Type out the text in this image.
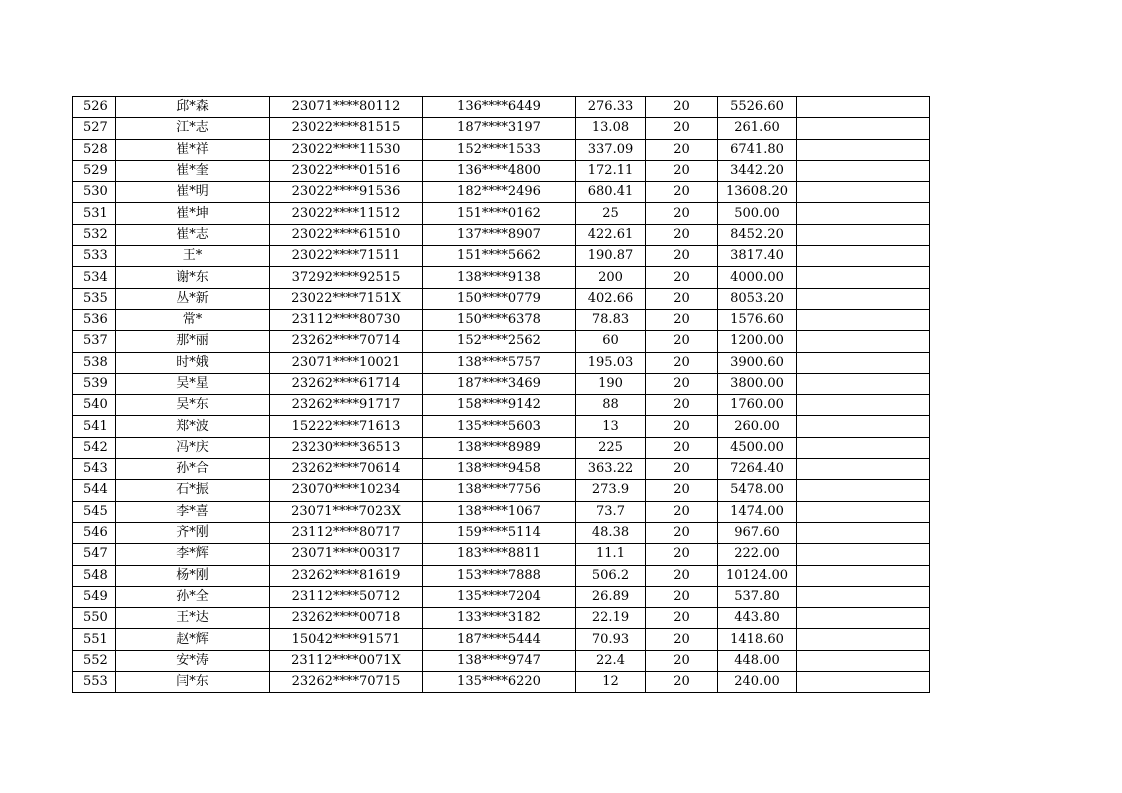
526	邱*森	23071****80112	136****6449	276.33	20	5526.60	
527	江*志	23022****81515	187****3197	13.08	20	261.60	
528	崔*祥	23022****11530	152****1533	337.09	20	6741.80	
529	崔*奎	23022****01516	136****4800	172.11	20	3442.20	
530	崔*明	23022****91536	182****2496	680.41	20	13608.20	
531	崔*坤	23022****11512	151****0162	25	20	500.00	
532	崔*志	23022****61510	137****8907	422.61	20	8452.20	
533	王*	23022****71511	151****5662	190.87	20	3817.40	
534	谢*东	37292****92515	138****9138	200	20	4000.00	
535	丛*新	23022****7151X	150****0779	402.66	20	8053.20	
536	常*	23112****80730	150****6378	78.83	20	1576.60	
537	那*丽	23262****70714	152****2562	60	20	1200.00	
538	时*娥	23071****10021	138****5757	195.03	20	3900.60	
539	吴*星	23262****61714	187****3469	190	20	3800.00	
540	吴*东	23262****91717	158****9142	88	20	1760.00	
541	郑*波	15222****71613	135****5603	13	20	260.00	
542	冯*庆	23230****36513	138****8989	225	20	4500.00	
543	孙*合	23262****70614	138****9458	363.22	20	7264.40	
544	石*振	23070****10234	138****7756	273.9	20	5478.00	
545	李*喜	23071****7023X	138****1067	73.7	20	1474.00	
546	齐*刚	23112****80717	159****5114	48.38	20	967.60	
547	李*辉	23071****00317	183****8811	11.1	20	222.00	
548	杨*刚	23262****81619	153****7888	506.2	20	10124.00	
549	孙*全	23112****50712	135****7204	26.89	20	537.80	
550	王*达	23262****00718	133****3182	22.19	20	443.80	
551	赵*辉	15042****91571	187****5444	70.93	20	1418.60	
552	安*涛	23112****0071X	138****9747	22.4	20	448.00	
553	闫*东	23262****70715	135****6220	12	20	240.00	
